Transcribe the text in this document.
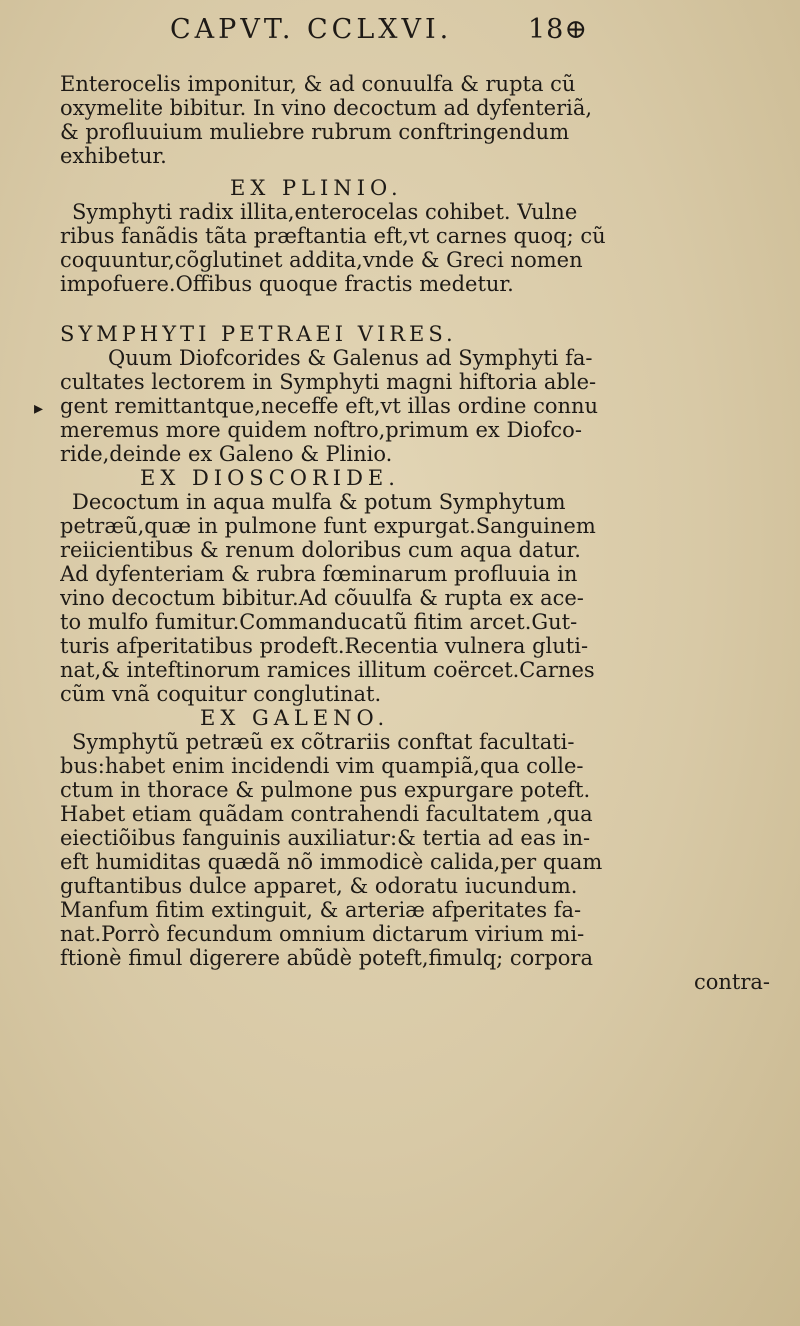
CAPVT. CCLXVI.	18⊕
▸
Enterocelis imponitur, & ad conuulfa & rupta cũ
oxymelite bibitur. In vino decoctum ad dyfenteriã,
& profluuium muliebre rubrum conftringendum
exhibetur.
EX PLINIO.
Symphyti radix illita,enterocelas cohibet. Vulne
ribus fanãdis tãta præftantia eft,vt carnes quoq; cũ
coquuntur,cõglutinet addita,vnde & Greci nomen
impofuere.Offibus quoque fractis medetur.
SYMPHYTI PETRAEI VIRES.
Quum Diofcorides & Galenus ad Symphyti fa-
cultates lectorem in Symphyti magni hiftoria able-
gent remittantque,neceffe eft,vt illas ordine connu
meremus more quidem noftro,primum ex Diofco-
ride,deinde ex Galeno & Plinio.
EX DIOSCORIDE.
Decoctum in aqua mulfa & potum Symphytum
petræũ,quæ in pulmone funt expurgat.Sanguinem
reiicientibus & renum doloribus cum aqua datur.
Ad dyfenteriam & rubra fœminarum profluuia in
vino decoctum bibitur.Ad cõuulfa & rupta ex ace-
to mulfo fumitur.Commanducatũ fitim arcet.Gut-
turis afperitatibus prodeft.Recentia vulnera gluti-
nat,& inteftinorum ramices illitum coërcet.Carnes
cũm vnã coquitur conglutinat.
EX GALENO.
Symphytũ petræũ ex cõtrariis conftat facultati-
bus:habet enim incidendi vim quampiã,qua colle-
ctum in thorace & pulmone pus expurgare poteft.
Habet etiam quãdam contrahendi facultatem ,qua
eiectiõibus fanguinis auxiliatur:& tertia ad eas in-
eft humiditas quædã nõ immodicè calida,per quam
guftantibus dulce apparet, & odoratu iucundum.
Manfum fitim extinguit, & arteriæ afperitates fa-
nat.Porrò fecundum omnium dictarum virium mi-
ftionè fimul digerere abũdè poteft,fimulq; corpora
contra-
